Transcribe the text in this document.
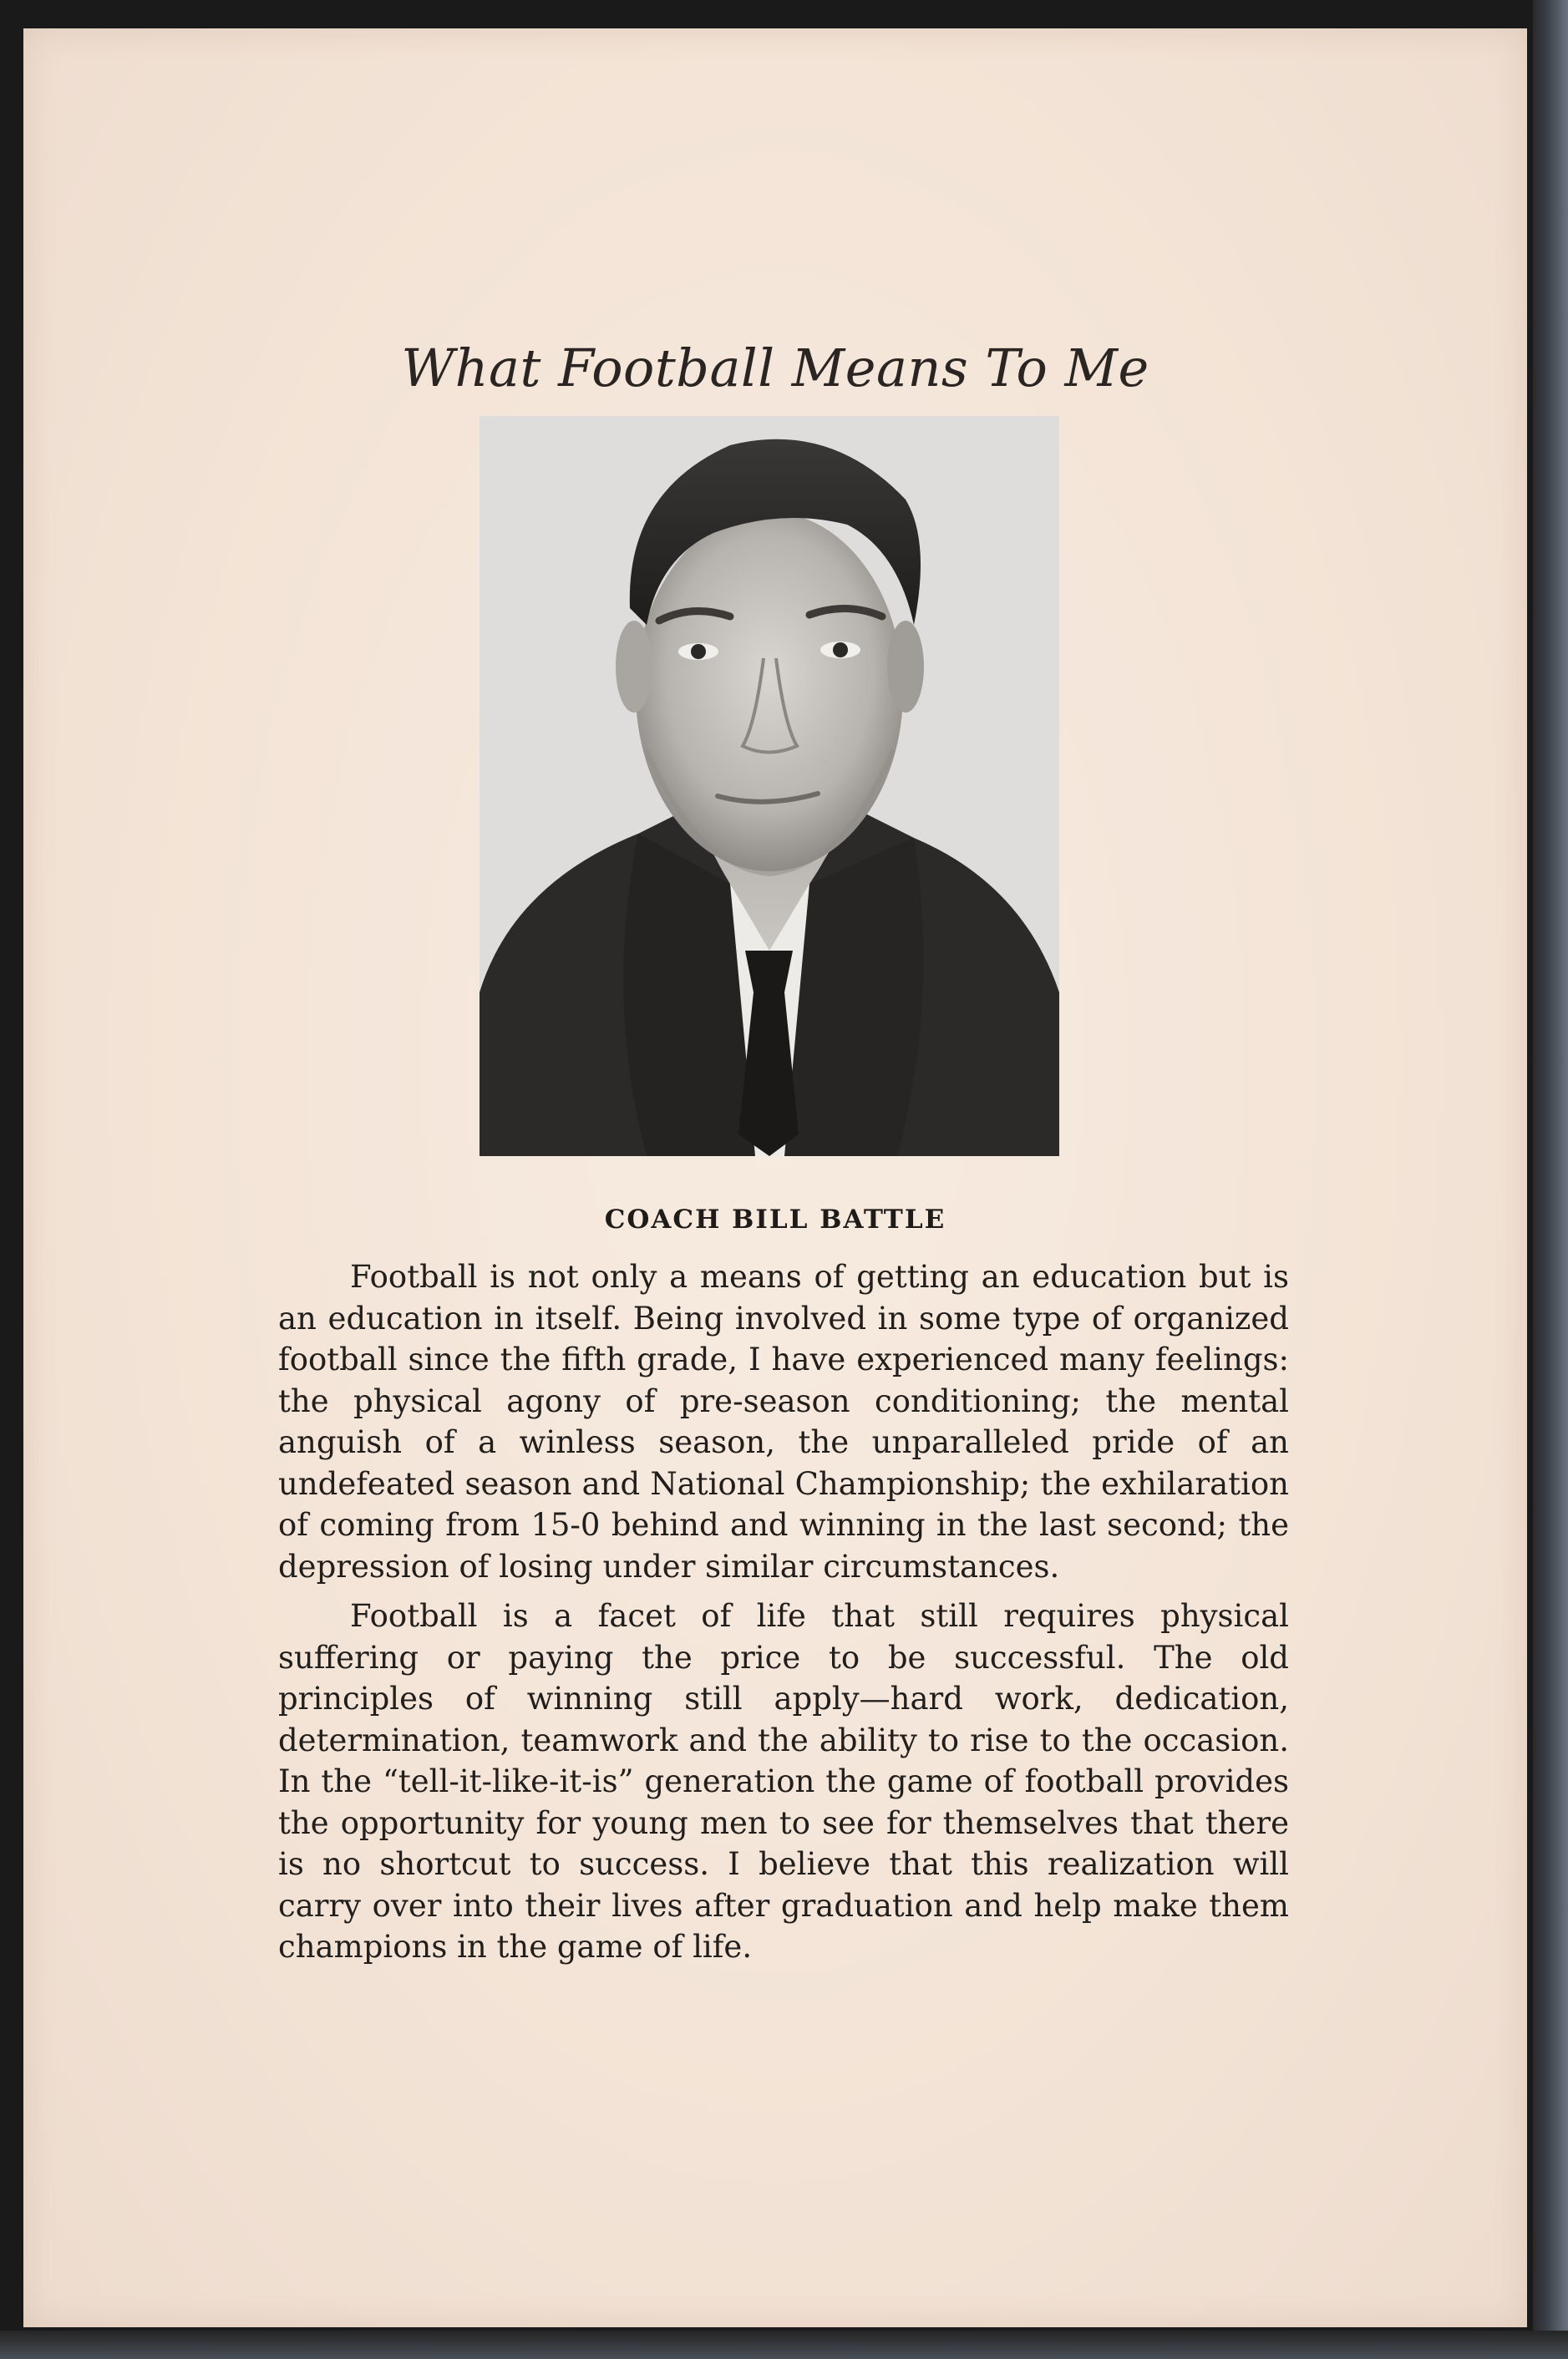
What Football Means To Me
COACH BILL BATTLE

Football is not only a means of getting an education but is an education in itself. Being involved in some type of organized football since the fifth grade, I have experienced many feelings: the physical agony of pre-season conditioning; the mental anguish of a winless season, the unparalleled pride of an undefeated season and National Championship; the exhilaration of coming from 15-0 behind and winning in the last second; the depression of losing under similar circumstances.

Football is a facet of life that still requires physical suffering or paying the price to be successful. The old principles of winning still apply—hard work, dedication, determination, teamwork and the ability to rise to the occasion. In the “tell-it-like-it-is” generation the game of football provides the opportunity for young men to see for themselves that there is no shortcut to success. I believe that this realization will carry over into their lives after graduation and help make them champions in the game of life.
